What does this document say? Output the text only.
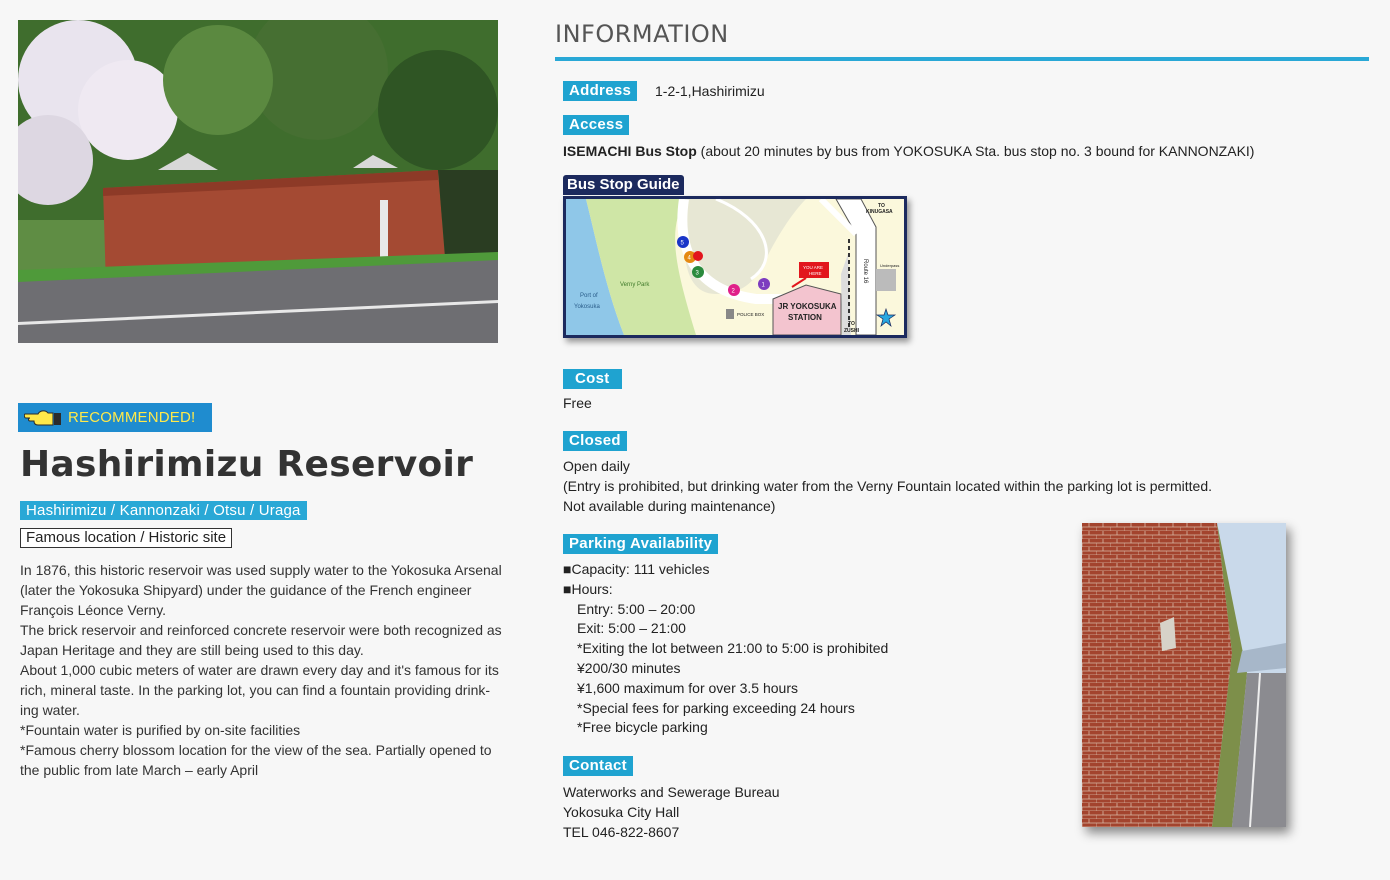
RECOMMENDED!
Hashirimizu Reservoir
Hashirimizu / Kannonzaki / Otsu / Uraga
Famous location / Historic site

In 1876, this historic reservoir was used supply water to the Yokosuka Arsenal

(later the Yokosuka Shipyard) under the guidance of the French engineer

François Léonce Verny.

The brick reservoir and reinforced concrete reservoir were both recognized as

Japan Heritage and they are still being used to this day.

About 1,000 cubic meters of water are drawn every day and it's famous for its

rich, mineral taste. In the parking lot, you can find a fountain providing drink-

ing water.

*Fountain water is purified by on-site facilities

*Famous cherry blossom location for the view of the sea. Partially opened to

the public from late March – early April

INFORMATION
Address	1-2-1,Hashirimizu
Access
ISEMACHI Bus Stop (about 20 minutes by bus from YOKOSUKA Sta. bus stop no. 3 bound for KANNONZAKI)
Bus Stop Guide
Port of
Yokosuka
Verny Park
POLICE BOX
JR YOKOSUKA
STATION
YOU ARE
HERE	Route 16
TO
KINUGASA
TO
ZUSHI
Underpass
1
2
3
4
5
Cost
Free
Closed
Open daily
(Entry is prohibited, but drinking water from the Verny Fountain located within the parking lot is permitted.
Not available during maintenance)
Parking Availability
■Capacity: 111 vehicles
■Hours:
Entry: 5:00 – 20:00
Exit: 5:00 – 21:00
*Exiting the lot between 21:00 to 5:00 is prohibited
¥200/30 minutes
¥1,600 maximum for over 3.5 hours
*Special fees for parking exceeding 24 hours
*Free bicycle parking
Contact
Waterworks and Sewerage Bureau
Yokosuka City Hall
TEL 046-822-8607
